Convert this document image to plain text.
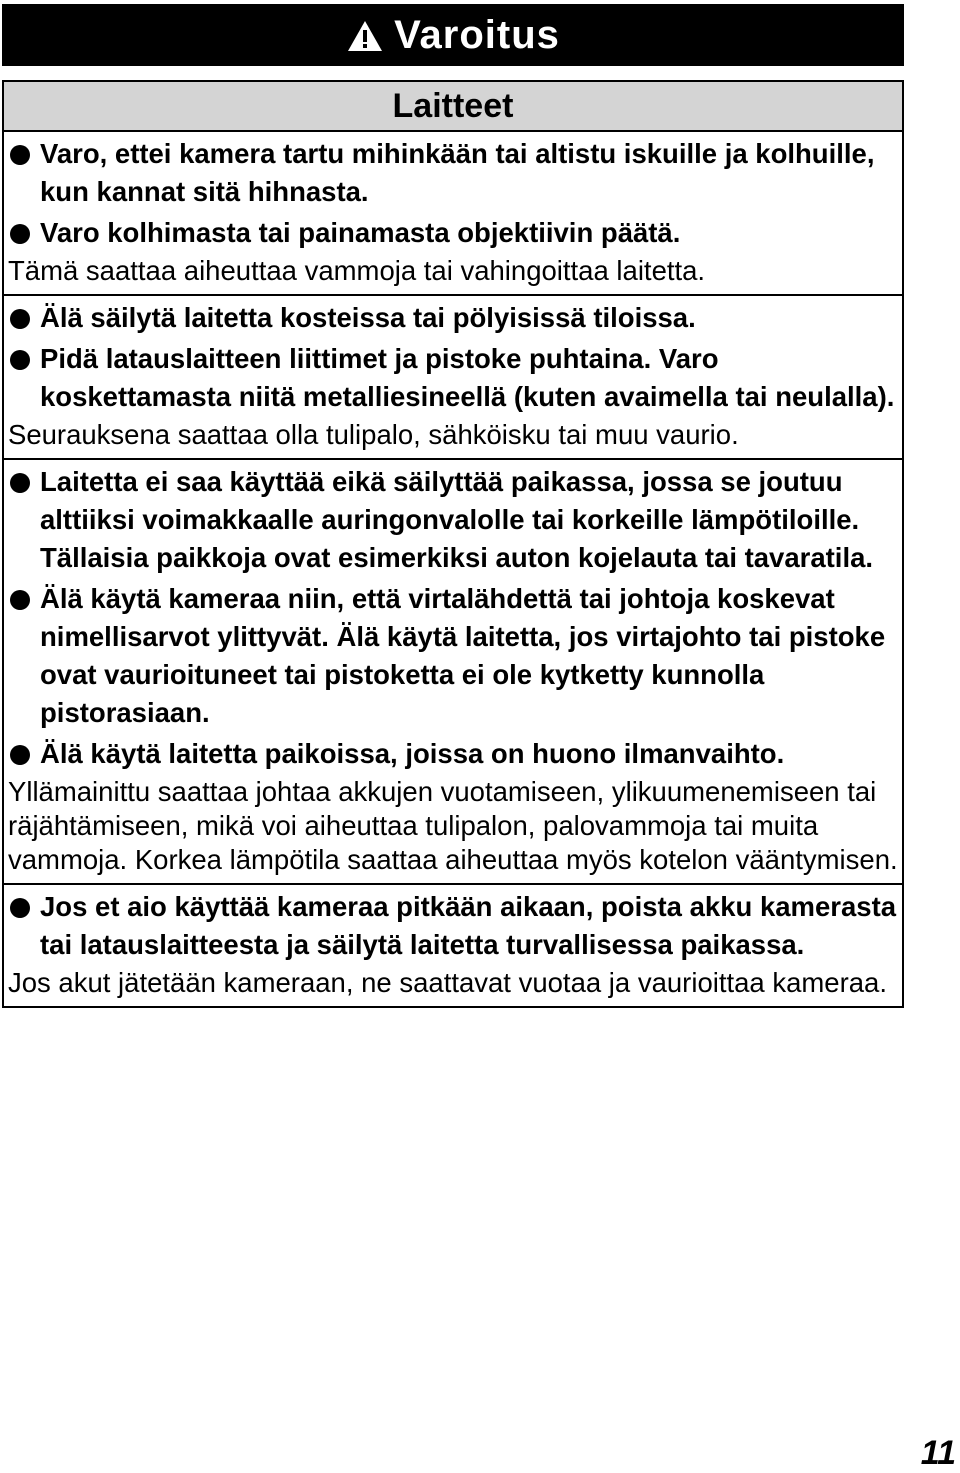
Varoitus
Laitteet
Varo, ettei kamera tartu mihinkään tai altistu iskuille ja kolhuille, kun kannat sitä hihnasta.
Varo kolhimasta tai painamasta objektiivin päätä.
Tämä saattaa aiheuttaa vammoja tai vahingoittaa laitetta.
Älä säilytä laitetta kosteissa tai pölyisissä tiloissa.
Pidä latauslaitteen liittimet ja pistoke puhtaina. Varo koskettamasta niitä metalliesineellä (kuten avaimella tai neulalla).
Seurauksena saattaa olla tulipalo, sähköisku tai muu vaurio.
Laitetta ei saa käyttää eikä säilyttää paikassa, jossa se joutuu alttiiksi voimakkaalle auringonvalolle tai korkeille lämpötiloille. Tällaisia paikkoja ovat esimerkiksi auton kojelauta tai tavaratila.
Älä käytä kameraa niin, että virtalähdettä tai johtoja koskevat nimellisarvot ylittyvät. Älä käytä laitetta, jos virtajohto tai pistoke ovat vaurioituneet tai pistoketta ei ole kytketty kunnolla pistorasiaan.
Älä käytä laitetta paikoissa, joissa on huono ilmanvaihto.
Yllämainittu saattaa johtaa akkujen vuotamiseen, ylikuumenemiseen tai räjähtämiseen, mikä voi aiheuttaa tulipalon, palovammoja tai muita vammoja. Korkea lämpötila saattaa aiheuttaa myös kotelon vääntymisen.
Jos et aio käyttää kameraa pitkään aikaan, poista akku kamerasta tai latauslaitteesta ja säilytä laitetta turvallisessa paikassa.
Jos akut jätetään kameraan, ne saattavat vuotaa ja vaurioittaa kameraa.
11
